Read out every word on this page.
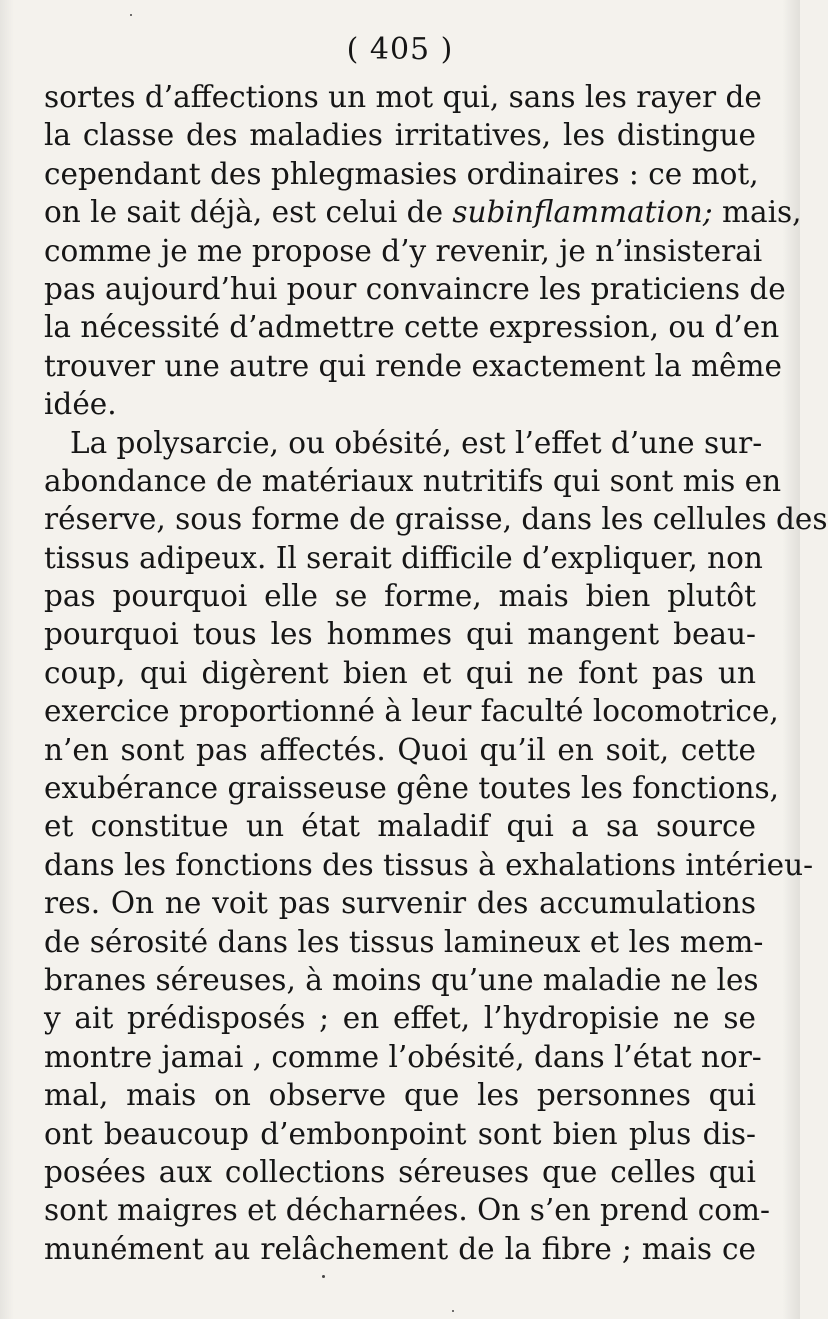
( 405 )
sortes d’affections un mot qui, sans les rayer de
la classe des maladies irritatives, les distingue
cependant des phlegmasies ordinaires : ce mot,
on le sait déjà, est celui de subinflammation; mais,
comme je me propose d’y revenir, je n’insisterai
pas aujourd’hui pour convaincre les praticiens de
la nécessité d’admettre cette expression, ou d’en
trouver une autre qui rende exactement la même
idée.
La polysarcie, ou obésité, est l’effet d’une sur-
abondance de matériaux nutritifs qui sont mis en
réserve, sous forme de graisse, dans les cellules des
tissus adipeux. Il serait difficile d’expliquer, non
pas pourquoi elle se forme, mais bien plutôt
pourquoi tous les hommes qui mangent beau-
coup, qui digèrent bien et qui ne font pas un
exercice proportionné à leur faculté locomotrice,
n’en sont pas affectés. Quoi qu’il en soit, cette
exubérance graisseuse gêne toutes les fonctions,
et constitue un état maladif qui a sa source
dans les fonctions des tissus à exhalations intérieu-
res. On ne voit pas survenir des accumulations
de sérosité dans les tissus lamineux et les mem-
branes séreuses, à moins qu’une maladie ne les
y ait prédisposés ; en effet, l’hydropisie ne se
montre jamai , comme l’obésité, dans l’état nor-
mal, mais on observe que les personnes qui
ont beaucoup d’embonpoint sont bien plus dis-
posées aux collections séreuses que celles qui
sont maigres et décharnées. On s’en prend com-
munément au relâchement de la fibre ; mais ce
